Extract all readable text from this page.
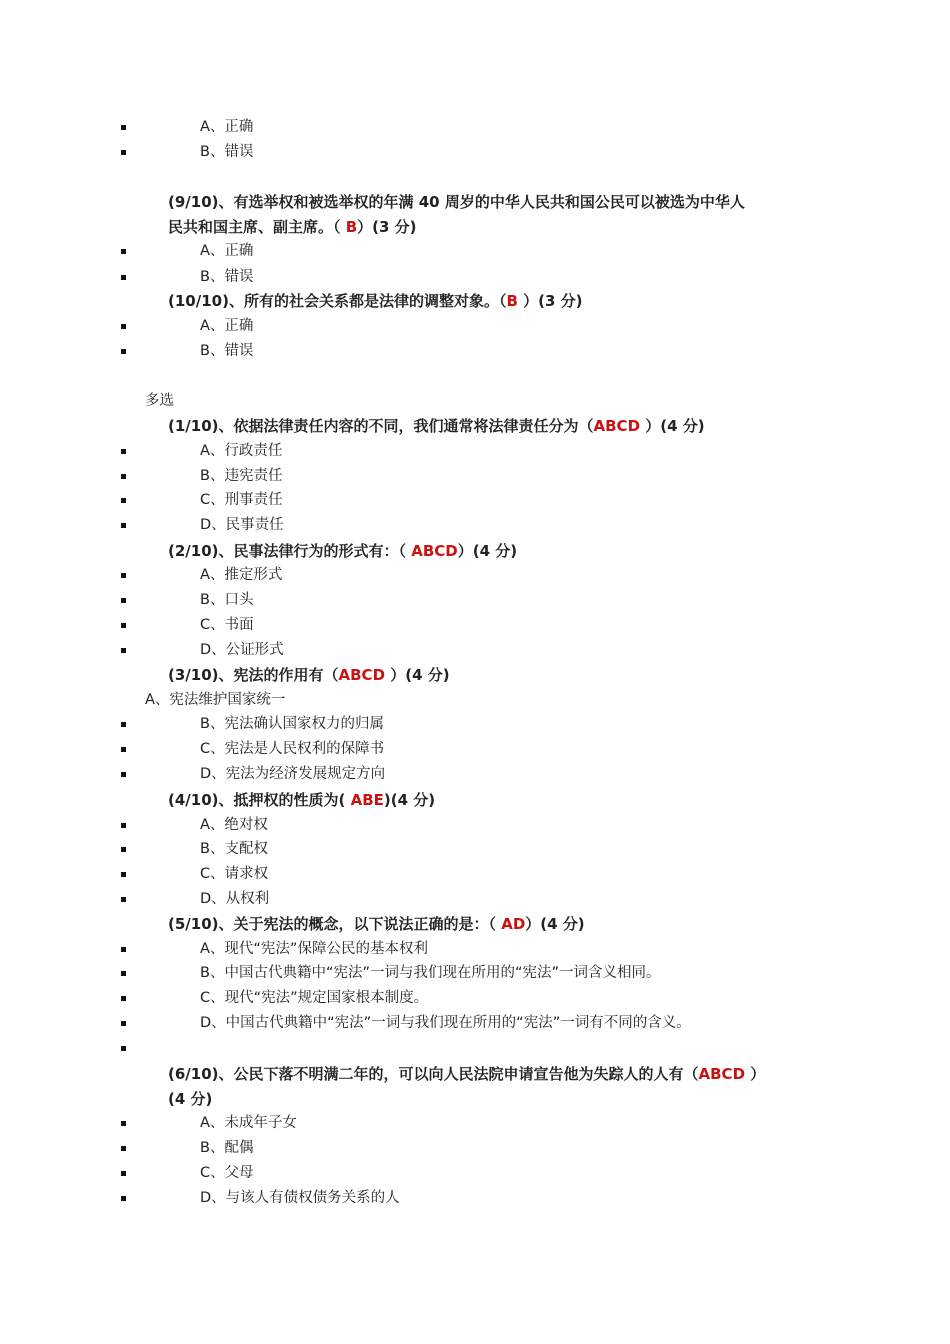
A、正确
B、错误
(9/10)、有选举权和被选举权的年满 40 周岁的中华人民共和国公民可以被选为中华人
民共和国主席、副主席。（ B）(3 分)
A、正确
B、错误
(10/10)、所有的社会关系都是法律的调整对象。（B ）(3 分)
A、正确
B、错误
多选
(1/10)、依据法律责任内容的不同，我们通常将法律责任分为（ABCD ）(4 分)
A、行政责任
B、违宪责任
C、刑事责任
D、民事责任
(2/10)、民事法律行为的形式有：（ ABCD）(4 分)
A、推定形式
B、口头
C、书面
D、公证形式
(3/10)、宪法的作用有（ABCD ）(4 分)
A、宪法维护国家统一
B、宪法确认国家权力的归属
C、宪法是人民权利的保障书
D、宪法为经济发展规定方向
(4/10)、抵押权的性质为( ABE)(4 分)
A、绝对权
B、支配权
C、请求权
D、从权利
(5/10)、关于宪法的概念，以下说法正确的是：（ AD）(4 分)
A、现代“宪法”保障公民的基本权利
B、中国古代典籍中“宪法”一词与我们现在所用的“宪法”一词含义相同。
C、现代“宪法”规定国家根本制度。
D、中国古代典籍中“宪法”一词与我们现在所用的“宪法”一词有不同的含义。
(6/10)、公民下落不明满二年的，可以向人民法院申请宣告他为失踪人的人有（ABCD ）
(4 分)
A、未成年子女
B、配偶
C、父母
D、与该人有债权债务关系的人
